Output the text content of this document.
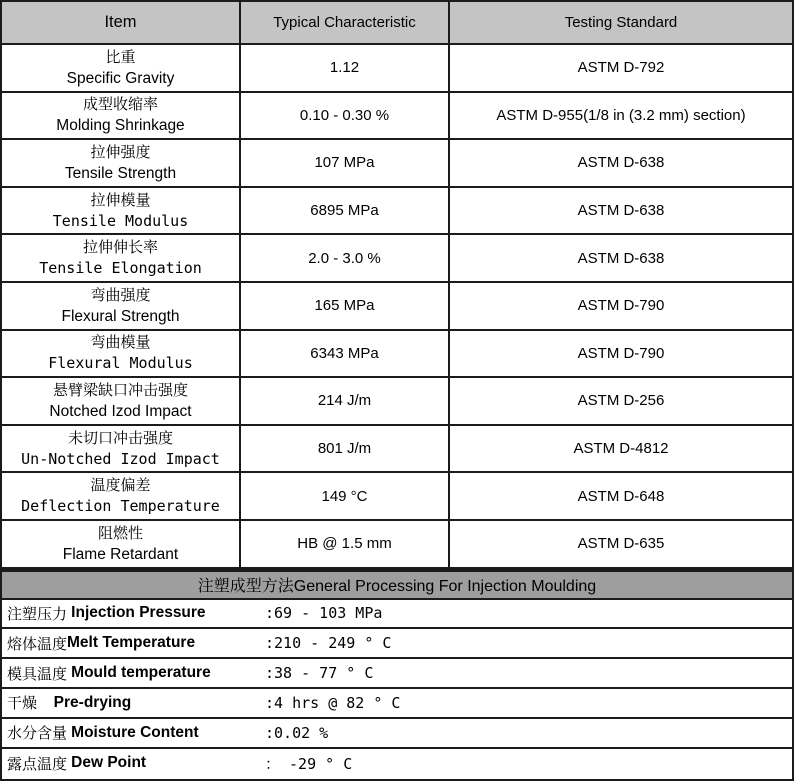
Item	Typical Characteristic	Testing Standard
比重
Specific Gravity
1.12	ASTM D-792
成型收缩率
Molding Shrinkage
0.10 - 0.30 %	ASTM D-955(1/8 in (3.2 mm) section)
拉伸强度
Tensile Strength
107 MPa	ASTM D-638
拉伸模量
Tensile Modulus
6895 MPa	ASTM D-638
拉伸伸长率
Tensile Elongation
2.0 - 3.0 %	ASTM D-638
弯曲强度
Flexural Strength
165 MPa	ASTM D-790
弯曲模量
Flexural Modulus
6343 MPa	ASTM D-790
悬臂梁缺口冲击强度
Notched Izod Impact
214 J/m	ASTM D-256
未切口冲击强度
Un-Notched Izod Impact
801 J/m	ASTM D-4812
温度偏差
Deflection Temperature
149 °C	ASTM D-648
阻燃性
Flame Retardant
HB @ 1.5 mm	ASTM D-635
注塑成型方法General Processing For Injection Moulding
注塑压力 Injection Pressure	:69 - 103 MPa
熔体温度 Melt Temperature	:210 - 249 ° C
模具温度 Mould temperature	:38 - 77 ° C
干燥 Pre-drying	:4 hrs @ 82 ° C
水分含量 Moisture Content	:0.02 %
露点温度 Dew Point	： -29 ° C
